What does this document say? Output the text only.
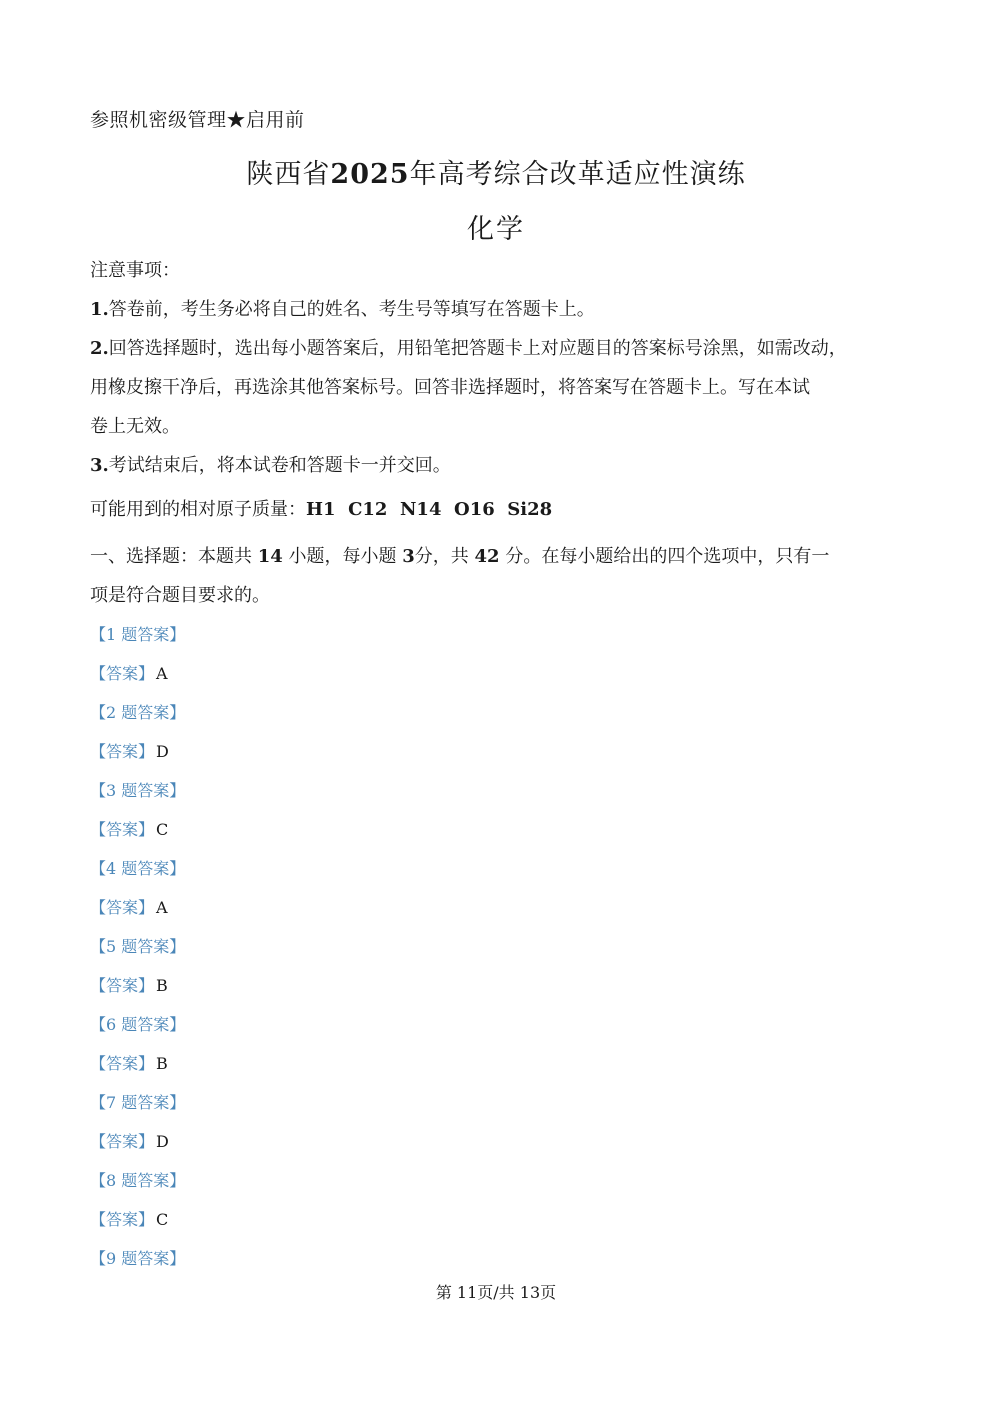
参照机密级管理★启用前
陕西省2025年高考综合改革适应性演练
化学
注意事项：
1.答卷前，考生务必将自己的姓名、考生号等填写在答题卡上。
2.回答选择题时，选出每小题答案后，用铅笔把答题卡上对应题目的答案标号涂黑，如需改动，
用橡皮擦干净后，再选涂其他答案标号。回答非选择题时，将答案写在答题卡上。写在本试
卷上无效。
3.考试结束后，将本试卷和答题卡一并交回。
可能用到的相对原子质量：H1  C12  N14  O16  Si28
一、选择题：本题共 14 小题，每小题 3分，共 42 分。在每小题给出的四个选项中，只有一
项是符合题目要求的。
【1 题答案】
【答案】 A
【2 题答案】
【答案】 D
【3 题答案】
【答案】 C
【4 题答案】
【答案】 A
【5 题答案】
【答案】 B
【6 题答案】
【答案】 B
【7 题答案】
【答案】 D
【8 题答案】
【答案】 C
【9 题答案】
第 11页/共 13页
